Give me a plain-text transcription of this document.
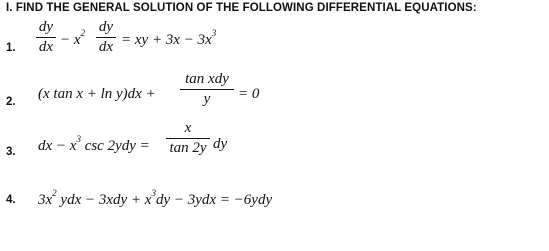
I. FIND THE GENERAL SOLUTION OF THE FOLLOWING DIFFERENTIAL EQUATIONS:
1.
dy
dx − $x^2$ dy
dx = xy + $3x - 3x^3$
2. (x tan x + ln y)dx +
tan xdy
y	= 0
3. dx − $x^3$ csc 2ydy =
x
tan 2y dy
4. $3x^2$ ydx − $3xdy + x^3dy - 3ydx = -6ydy$
